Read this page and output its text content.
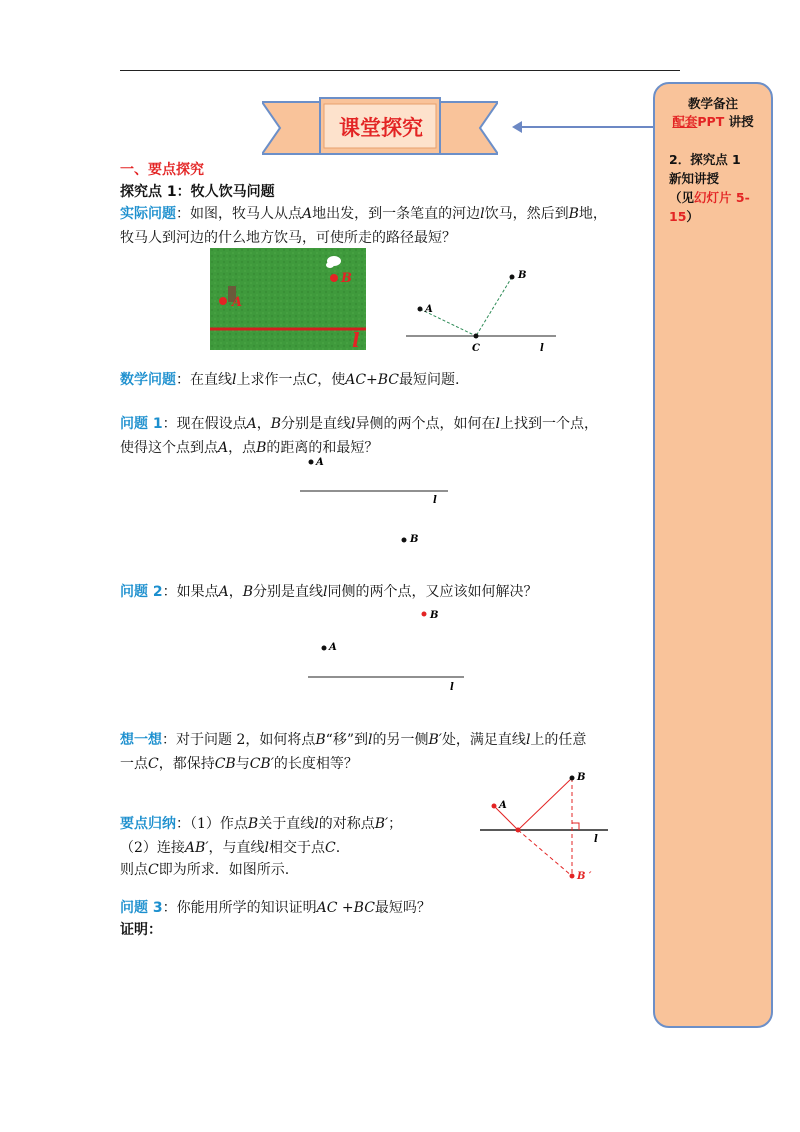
课堂探究
教学备注
配套PPT 讲授
2．探究点 1
新知讲授
（见幻灯片 5-15）
一、要点探究
探究点 1：牧人饮马问题
实际问题：如图，牧马人从点A地出发，到一条笔直的河边l饮马，然后到B地，
牧马人到河边的什么地方饮马，可使所走的路径最短？
B
A
l
A
B
C	l
数学问题：在直线l上求作一点C，使AC+BC最短问题.
问题 1：现在假设点A，B分别是直线l异侧的两个点，如何在l上找到一个点，
使得这个点到点A，点B的距离的和最短？
A
B
l
问题 2：如果点A，B分别是直线l同侧的两个点，又应该如何解决？
B
A
l
想一想：对于问题 2，如何将点B“移”到l的另一侧B′处，满足直线l上的任意
一点C，都保持CB与CB′的长度相等？
要点归纳：（1）作点B关于直线l的对称点B′；
（2）连接AB′，与直线l相交于点C.
则点C即为所求．如图所示.
A
B
B ′
l
问题 3：你能用所学的知识证明AC +BC最短吗？
证明：
